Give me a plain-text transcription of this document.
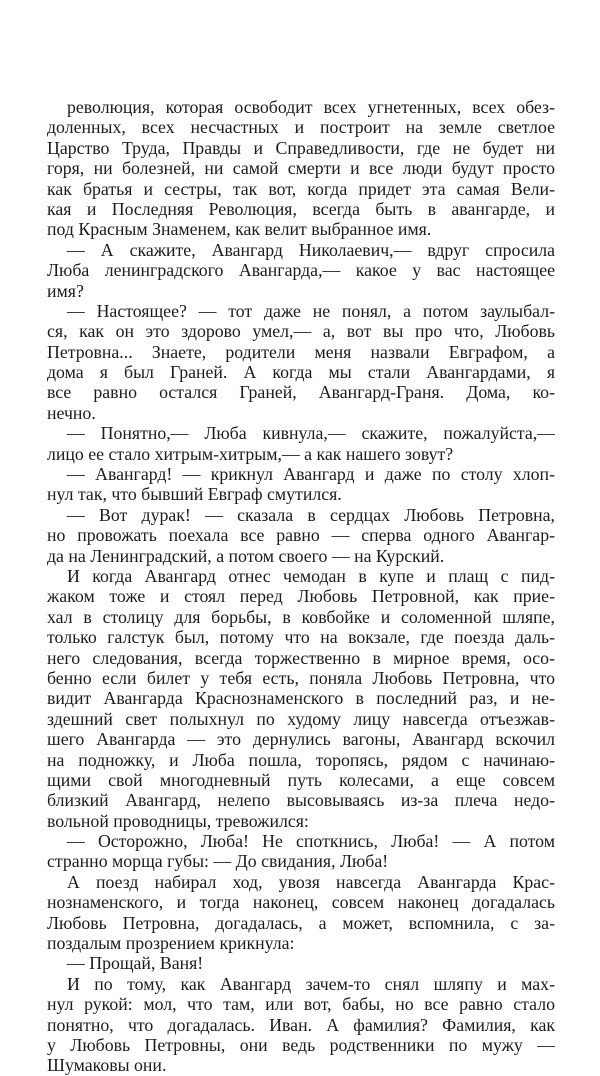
революция, которая освободит всех угнетенных, всех обез-
доленных, всех несчастных и построит на земле светлое
Царство Труда, Правды и Справедливости, где не будет ни
горя, ни болезней, ни самой смерти и все люди будут просто
как братья и сестры, так вот, когда придет эта самая Вели-
кая и Последняя Революция, всегда быть в авангарде, и
под Красным Знаменем, как велит выбранное имя.
— А скажите, Авангард Николаевич,— вдруг спросила
Люба ленинградского Авангарда,— какое у вас настоящее
имя?
— Настоящее? — тот даже не понял, а потом заулыбал-
ся, как он это здорово умел,— а, вот вы про что, Любовь
Петровна... Знаете, родители меня назвали Евграфом, а
дома я был Граней. А когда мы стали Авангардами, я
все равно остался Граней, Авангард-Граня. Дома, ко-
нечно.
— Понятно,— Люба кивнула,— скажите, пожалуйста,—
лицо ее стало хитрым-хитрым,— а как нашего зовут?
— Авангард! — крикнул Авангард и даже по столу хлоп-
нул так, что бывший Евграф смутился.
— Вот дурак! — сказала в сердцах Любовь Петровна,
но провожать поехала все равно — сперва одного Авангар-
да на Ленинградский, а потом своего — на Курский.
И когда Авангард отнес чемодан в купе и плащ с пид-
жаком тоже и стоял перед Любовь Петровной, как прие-
хал в столицу для борьбы, в ковбойке и соломенной шляпе,
только галстук был, потому что на вокзале, где поезда даль-
него следования, всегда торжественно в мирное время, осо-
бенно если билет у тебя есть, поняла Любовь Петровна, что
видит Авангарда Краснознаменского в последний раз, и не-
здешний свет полыхнул по худому лицу навсегда отъезжав-
шего Авангарда — это дернулись вагоны, Авангард вскочил
на подножку, и Люба пошла, торопясь, рядом с начинаю-
щими свой многодневный путь колесами, а еще совсем
близкий Авангард, нелепо высовываясь из-за плеча недо-
вольной проводницы, тревожился:
— Осторожно, Люба! Не споткнись, Люба! — А потом
странно морща губы: — До свидания, Люба!
А поезд набирал ход, увозя навсегда Авангарда Крас-
нознаменского, и тогда наконец, совсем наконец догадалась
Любовь Петровна, догадалась, а может, вспомнила, с за-
поздалым прозрением крикнула:
— Прощай, Ваня!
И по тому, как Авангард зачем-то снял шляпу и мах-
нул рукой: мол, что там, или вот, бабы, но все равно стало
понятно, что догадалась. Иван. А фамилия? Фамилия, как
у Любовь Петровны, они ведь родственники по мужу —
Шумаковы они.
